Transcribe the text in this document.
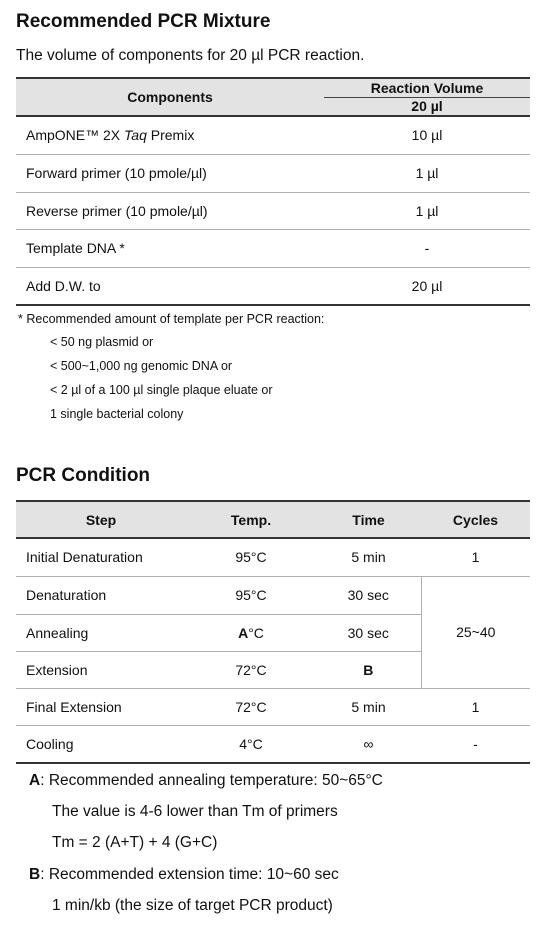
Recommended PCR Mixture
The volume of components for 20 µl PCR reaction.
Components	Reaction Volume
	20 µl
AmpONE™ 2X Taq Premix	10 µl
Forward primer (10 pmole/µl)	1 µl
Reverse primer (10 pmole/µl)	1 µl
Template DNA *	-
Add D.W. to	20 µl
* Recommended amount of template per PCR reaction:
< 50 ng plasmid or
< 500~1,000 ng genomic DNA or
< 2 µl of a 100 µl single plaque eluate or
1 single bacterial colony
PCR Condition
Step	Temp.	Time	Cycles
Initial Denaturation	95°C	5 min	1
Denaturation	95°C	30 sec	25~40
Annealing	A°C	30 sec	
Extension	72°C	B	
Final Extension	72°C	5 min	1
Cooling	4°C	∞	-
A: Recommended annealing temperature: 50~65°C
The value is 4-6 lower than Tm of primers
Tm = 2 (A+T) + 4 (G+C)
B: Recommended extension time: 10~60 sec
1 min/kb (the size of target PCR product)
